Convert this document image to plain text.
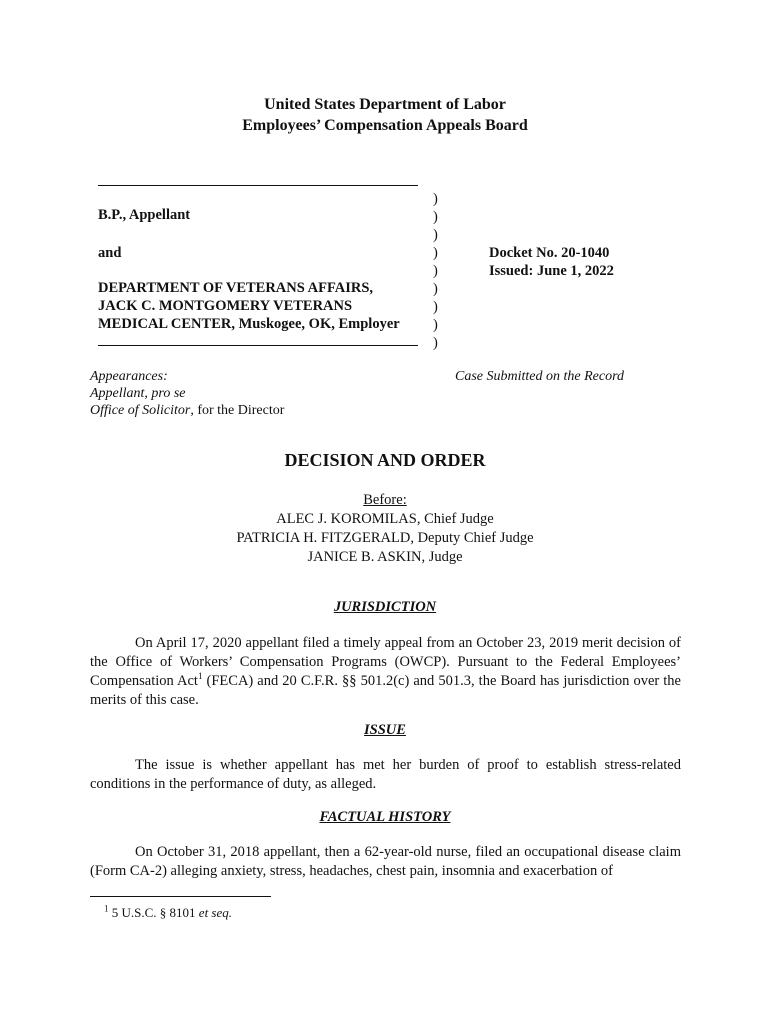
United States Department of Labor
Employees’ Compensation Appeals Board
B.P., Appellant
and
DEPARTMENT OF VETERANS AFFAIRS,
JACK C. MONTGOMERY VETERANS
MEDICAL CENTER, Muskogee, OK, Employer
)
)
)
)
)
)
)
)
)
Docket No. 20-1040
Issued: June 1, 2022
Appearances:
Appellant, pro se
Office of Solicitor, for the Director
Case Submitted on the Record
DECISION AND ORDER
Before:
ALEC J. KOROMILAS, Chief Judge
PATRICIA H. FITZGERALD, Deputy Chief Judge
JANICE B. ASKIN, Judge
JURISDICTION
On April 17, 2020 appellant filed a timely appeal from an October 23, 2019 merit decision of the Office of Workers’ Compensation Programs (OWCP). Pursuant to the Federal Employees’ Compensation Act$^1$ (FECA) and 20 C.F.R. §§ 501.2(c) and 501.3, the Board has jurisdiction over the merits of this case.
ISSUE
The issue is whether appellant has met her burden of proof to establish stress-related conditions in the performance of duty, as alleged.
FACTUAL HISTORY
On October 31, 2018 appellant, then a 62-year-old nurse, filed an occupational disease claim (Form CA-2) alleging anxiety, stress, headaches, chest pain, insomnia and exacerbation of
$^1$ 5 U.S.C. § 8101 et seq.
